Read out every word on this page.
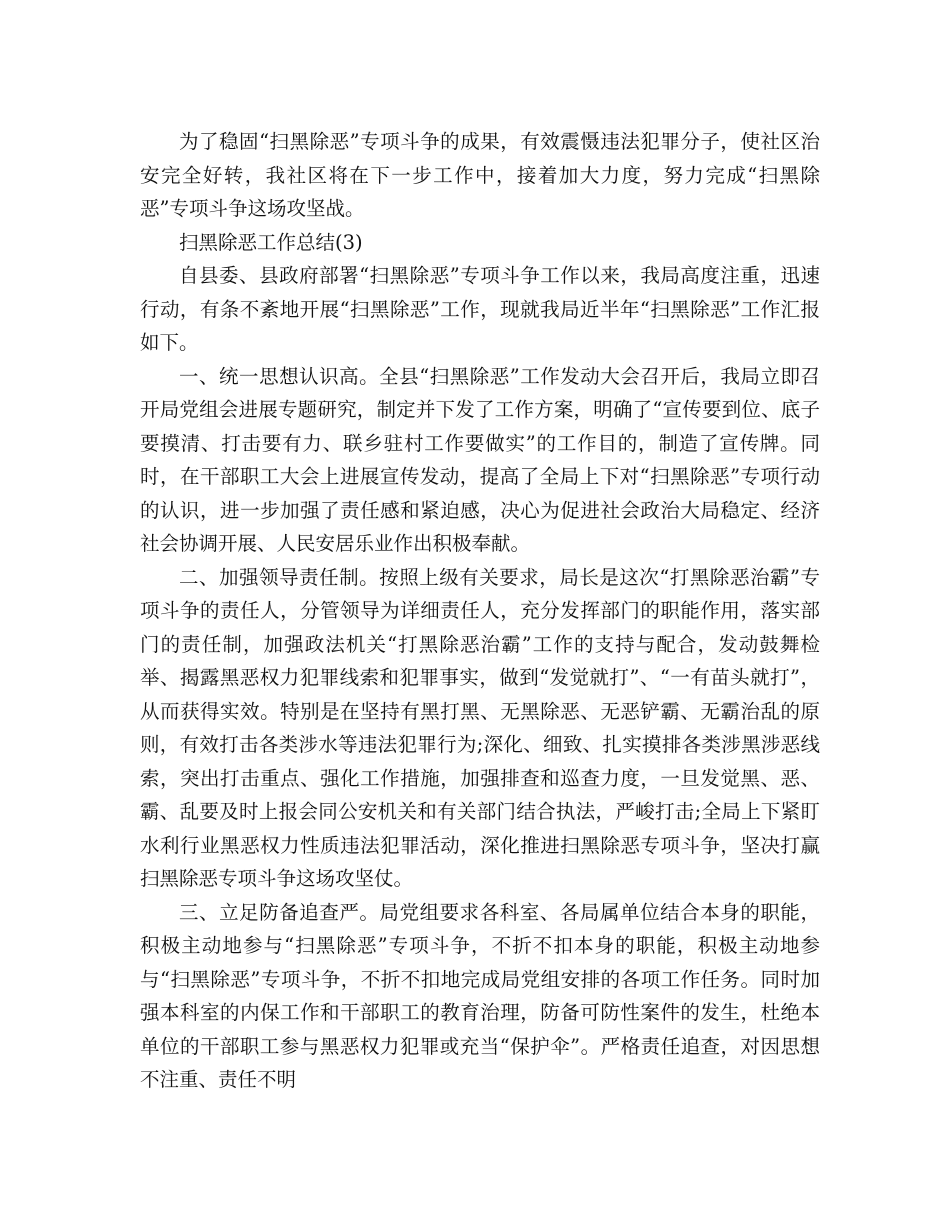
为了稳固“扫黑除恶”专项斗争的成果，有效震慑违法犯罪分子，使社区治安完全好转，我社区将在下一步工作中，接着加大力度，努力完成“扫黑除恶”专项斗争这场攻坚战。

扫黑除恶工作总结(3)

自县委、县政府部署“扫黑除恶”专项斗争工作以来，我局高度注重，迅速行动，有条不紊地开展“扫黑除恶”工作，现就我局近半年“扫黑除恶”工作汇报如下。

一、统一思想认识高。全县“扫黑除恶”工作发动大会召开后，我局立即召开局党组会进展专题研究，制定并下发了工作方案，明确了“宣传要到位、底子要摸清、打击要有力、联乡驻村工作要做实”的工作目的，制造了宣传牌。同时，在干部职工大会上进展宣传发动，提高了全局上下对“扫黑除恶”专项行动的认识，进一步加强了责任感和紧迫感，决心为促进社会政治大局稳定、经济社会协调开展、人民安居乐业作出积极奉献。

二、加强领导责任制。按照上级有关要求，局长是这次“打黑除恶治霸”专项斗争的责任人，分管领导为详细责任人，充分发挥部门的职能作用，落实部门的责任制，加强政法机关“打黑除恶治霸”工作的支持与配合，发动鼓舞检举、揭露黑恶权力犯罪线索和犯罪事实，做到“发觉就打”、“一有苗头就打”，从而获得实效。特别是在坚持有黑打黑、无黑除恶、无恶铲霸、无霸治乱的原则，有效打击各类涉水等违法犯罪行为;深化、细致、扎实摸排各类涉黑涉恶线索，突出打击重点、强化工作措施，加强排查和巡查力度，一旦发觉黑、恶、霸、乱要及时上报会同公安机关和有关部门结合执法，严峻打击;全局上下紧盯水利行业黑恶权力性质违法犯罪活动，深化推进扫黑除恶专项斗争，坚决打赢扫黑除恶专项斗争这场攻坚仗。

三、立足防备追查严。局党组要求各科室、各局属单位结合本身的职能，积极主动地参与“扫黑除恶”专项斗争，不折不扣本身的职能，积极主动地参与“扫黑除恶”专项斗争，不折不扣地完成局党组安排的各项工作任务。同时加强本科室的内保工作和干部职工的教育治理，防备可防性案件的发生，杜绝本单位的干部职工参与黑恶权力犯罪或充当“保护伞”。严格责任追查，对因思想不注重、责任不明
